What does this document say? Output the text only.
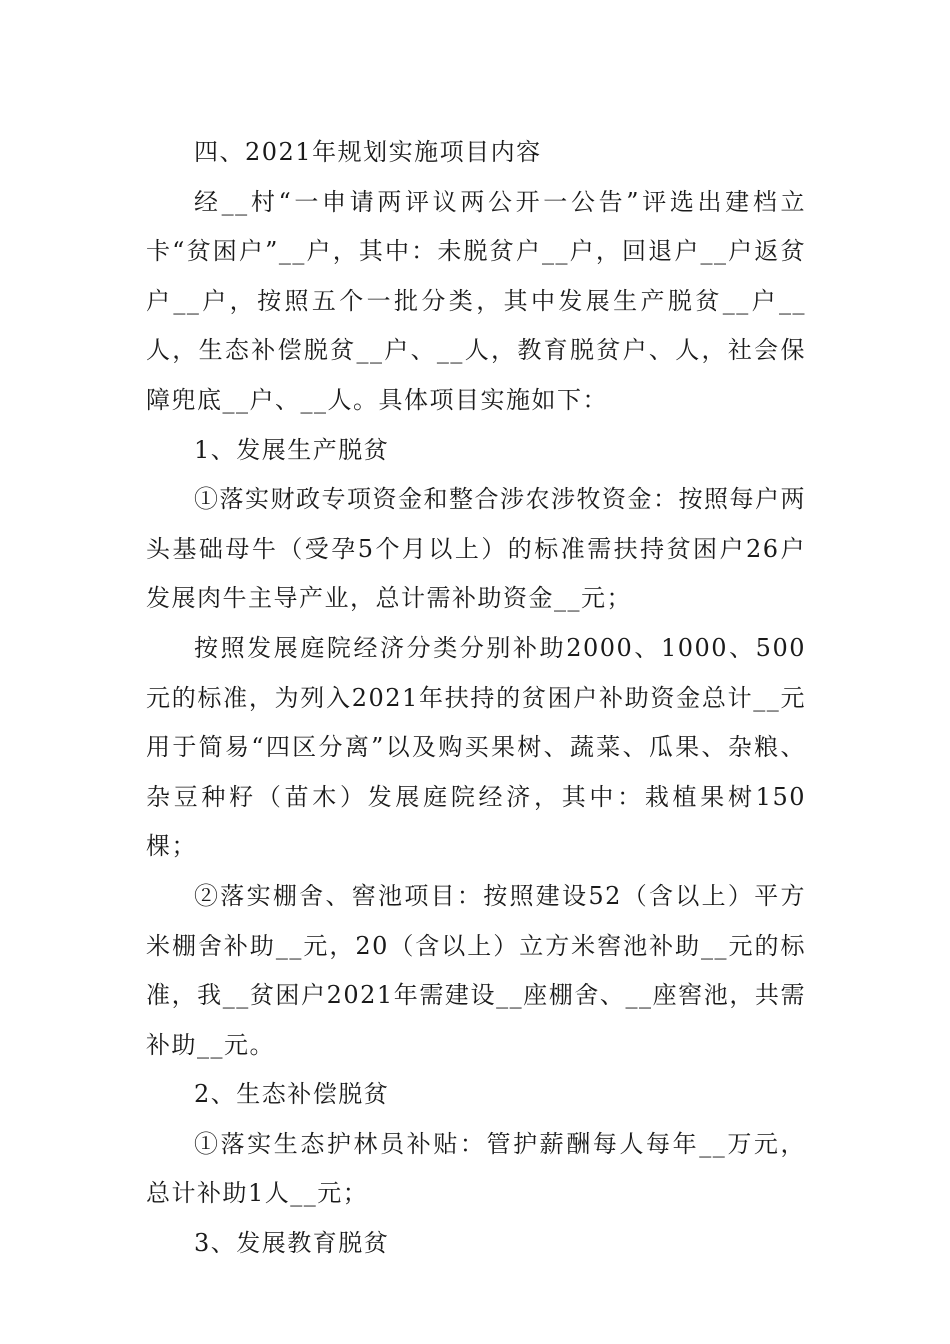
四、2021年规划实施项目内容

经__村“一申请两评议两公开一公告”评选出建档立卡“贫困户”__户，其中：未脱贫户__户，回退户__户返贫户__户，按照五个一批分类，其中发展生产脱贫__户__人，生态补偿脱贫__户、__人，教育脱贫户、人，社会保障兜底__户、__人。具体项目实施如下：

1、发展生产脱贫

①落实财政专项资金和整合涉农涉牧资金：按照每户两头基础母牛（受孕5个月以上）的标准需扶持贫困户26户发展肉牛主导产业，总计需补助资金__元；

按照发展庭院经济分类分别补助2000、1000、500元的标准，为列入2021年扶持的贫困户补助资金总计__元用于简易“四区分离”以及购买果树、蔬菜、瓜果、杂粮、杂豆种籽（苗木）发展庭院经济，其中：栽植果树150棵；

②落实棚舍、窖池项目：按照建设52（含以上）平方米棚舍补助__元，20（含以上）立方米窖池补助__元的标准，我__贫困户2021年需建设__座棚舍、__座窖池，共需补助__元。

2、生态补偿脱贫

①落实生态护林员补贴：管护薪酬每人每年__万元，总计补助1人__元；

3、发展教育脱贫
